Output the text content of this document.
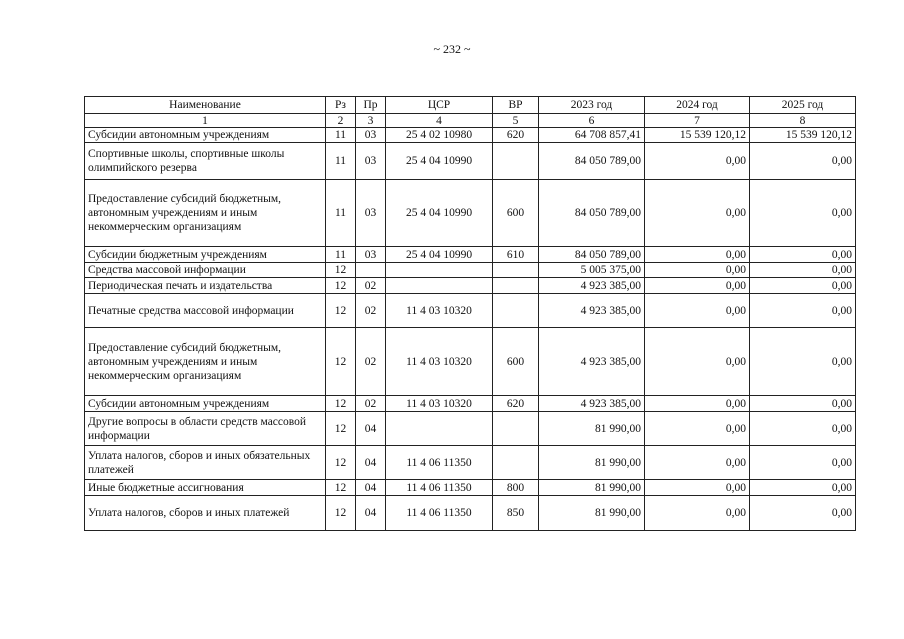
~ 232 ~
Наименование	Рз	Пр	ЦСР	ВР	2023 год	2024 год	2025 год
1	2	3	4	5	6	7	8
Субсидии автономным учреждениям	11	03	25 4 02 10980	620	64 708 857,41	15 539 120,12	15 539 120,12
Спортивные школы, спортивные школы олимпийского резерва	11	03	25 4 04 10990		84 050 789,00	0,00	0,00
Предоставление субсидий бюджетным, автономным учреждениям и иным некоммерческим организациям	11	03	25 4 04 10990	600	84 050 789,00	0,00	0,00
Субсидии бюджетным учреждениям	11	03	25 4 04 10990	610	84 050 789,00	0,00	0,00
Средства массовой информации	12				5 005 375,00	0,00	0,00
Периодическая печать и издательства	12	02			4 923 385,00	0,00	0,00
Печатные средства массовой информации	12	02	11 4 03 10320		4 923 385,00	0,00	0,00
Предоставление субсидий бюджетным, автономным учреждениям и иным некоммерческим организациям	12	02	11 4 03 10320	600	4 923 385,00	0,00	0,00
Субсидии автономным учреждениям	12	02	11 4 03 10320	620	4 923 385,00	0,00	0,00
Другие вопросы в области средств массовой информации	12	04			81 990,00	0,00	0,00
Уплата налогов, сборов и иных обязательных платежей	12	04	11 4 06 11350		81 990,00	0,00	0,00
Иные бюджетные ассигнования	12	04	11 4 06 11350	800	81 990,00	0,00	0,00
Уплата налогов, сборов и иных платежей	12	04	11 4 06 11350	850	81 990,00	0,00	0,00
